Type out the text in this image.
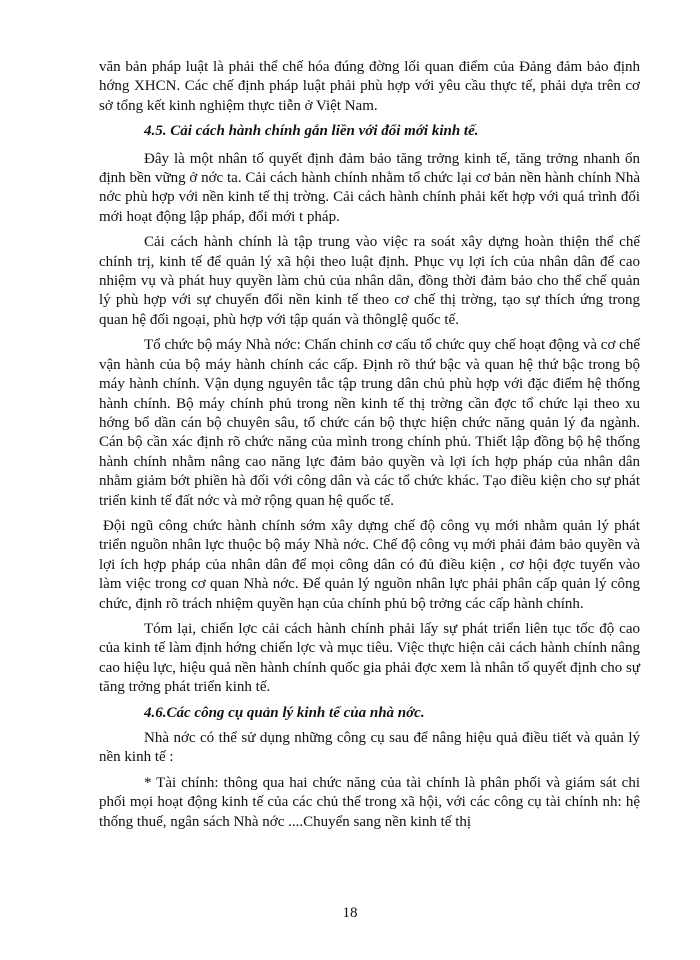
văn bản pháp luật là phải thể chế hóa đúng đờng lối quan điểm của Đảng đảm bảo định hớng XHCN. Các chế định pháp luật phải phù hợp với yêu cầu thực tế, phải dựa trên cơ sở tổng kết kinh nghiệm thực tiễn ở Việt Nam.

4.5. Cải cách hành chính gắn liền với đổi mới kinh tế.

Đây là một nhân tố quyết định đảm bảo tăng trởng kinh tế, tăng trởng nhanh ổn định bền vững ở nớc ta. Cải cách hành chính nhằm tổ chức lại cơ bản nền hành chính Nhà nớc phù hợp với nền kinh tế thị trờng. Cải cách hành chính phải kết hợp với quá trình đổi mới hoạt động lập pháp, đổi mới t pháp.

Cải cách hành chính là tập trung vào việc ra soát xây dựng hoàn thiện thể chế chính trị, kinh tế để quản lý xã hội theo luật định. Phục vụ lợi ích của nhân dân để cao nhiệm vụ và phát huy quyền làm chủ của nhân dân, đồng thời đảm bảo cho thể chế quản lý phù hợp với sự chuyển đổi nền kinh tế theo cơ chế thị trờng, tạo sự thích ứng trong quan hệ đối ngoại, phù hợp với tập quán và thônglệ quốc tế.

Tổ chức bộ máy Nhà nớc: Chấn chỉnh cơ cấu tổ chức quy chế hoạt động và cơ chế vận hành của bộ máy hành chính các cấp. Định rõ thứ bậc và quan hệ thứ bậc trong bộ máy hành chính. Vận dụng nguyên tắc tập trung dân chủ phù hợp với đặc điểm hệ thống hành chính. Bộ máy chính phủ trong nền kinh tế thị trờng cần đợc tổ chức lại theo xu hớng bổ dần cán bộ chuyên sâu, tổ chức cán bộ thực hiện chức năng quản lý đa ngành. Cán bộ cần xác định rõ chức năng của mình trong chính phủ. Thiết lập đồng bộ hệ thống hành chính nhằm nâng cao năng lực đảm bảo quyền và lợi ích hợp pháp của nhân dân nhằm giảm bớt phiền hà đối với công dân và các tổ chức khác. Tạo điều kiện cho sự phát triển kinh tế đất nớc và mở rộng quan hệ quốc tế.

Đội ngũ công chức hành chính sớm xây dựng chế độ công vụ mới nhằm quản lý phát triển nguồn nhân lực thuộc bộ máy Nhà nớc. Chế độ công vụ mới phải đảm bảo quyền và lợi ích hợp pháp của nhân dân để mọi công dân có đủ điều kiện , cơ hội đợc tuyển vào làm việc trong cơ quan Nhà nớc. Để quản lý nguồn nhân lực phải phân cấp quản lý công chức, định rõ trách nhiệm quyền hạn của chính phủ bộ trởng các cấp hành chính.

Tóm lại, chiến lợc cải cách hành chính phải lấy sự phát triển liên tục tốc độ cao của kinh tế làm định hớng chiến lợc và mục tiêu. Việc thực hiện cải cách hành chính nâng cao hiệu lực, hiệu quả nền hành chính quốc gia phải đợc xem là nhân tố quyết định cho sự tăng trởng phát triển kinh tế.

4.6.Các công cụ quản lý kinh tế của nhà nớc.

Nhà nớc có thể sử dụng những công cụ sau để nâng hiệu quả điều tiết và quản lý nền kinh tế :

* Tài chính: thông qua hai chức năng của tài chính là phân phối và giám sát chi phối mọi hoạt động kinh tế của các chủ thể trong xã hội, với các công cụ tài chính nh: hệ thống thuế, ngân sách Nhà nớc ....Chuyển sang nền kinh tế thị

18
